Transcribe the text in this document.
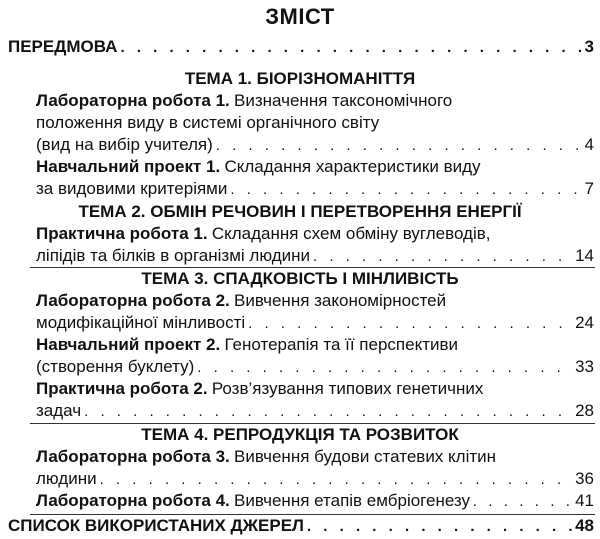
ЗМІСТ
ПЕРЕДМОВА . . .	3
ТЕМА 1. БІОРІЗНОМАНІТТЯ
Лабораторна робота 1. Визначення таксономічного
положення виду в системі органічного світу
(вид на вибір учителя) . . .	4
Навчальний проект 1. Складання характеристики виду
за видовими критеріями . . .	7
ТЕМА 2. ОБМІН РЕЧОВИН І ПЕРЕТВОРЕННЯ ЕНЕРГІЇ
Практична робота 1. Складання схем обміну вуглеводів,
ліпідів та білків в організмі людини . . .	14
ТЕМА 3. СПАДКОВІСТЬ І МІНЛИВІСТЬ
Лабораторна робота 2. Вивчення закономірностей
модифікаційної мінливості . . .	24
Навчальний проект 2. Генотерапія та її перспективи
(створення буклету) . . .	33
Практична робота 2. Розв’язування типових генетичних
задач . . .	28
ТЕМА 4. РЕПРОДУКЦІЯ ТА РОЗВИТОК
Лабораторна робота 3. Вивчення будови статевих клітин
людини . . .	36
Лабораторна робота 4. Вивчення етапів ембріогенезу . . .	41
СПИСОК ВИКОРИСТАНИХ ДЖЕРЕЛ . . .	48
